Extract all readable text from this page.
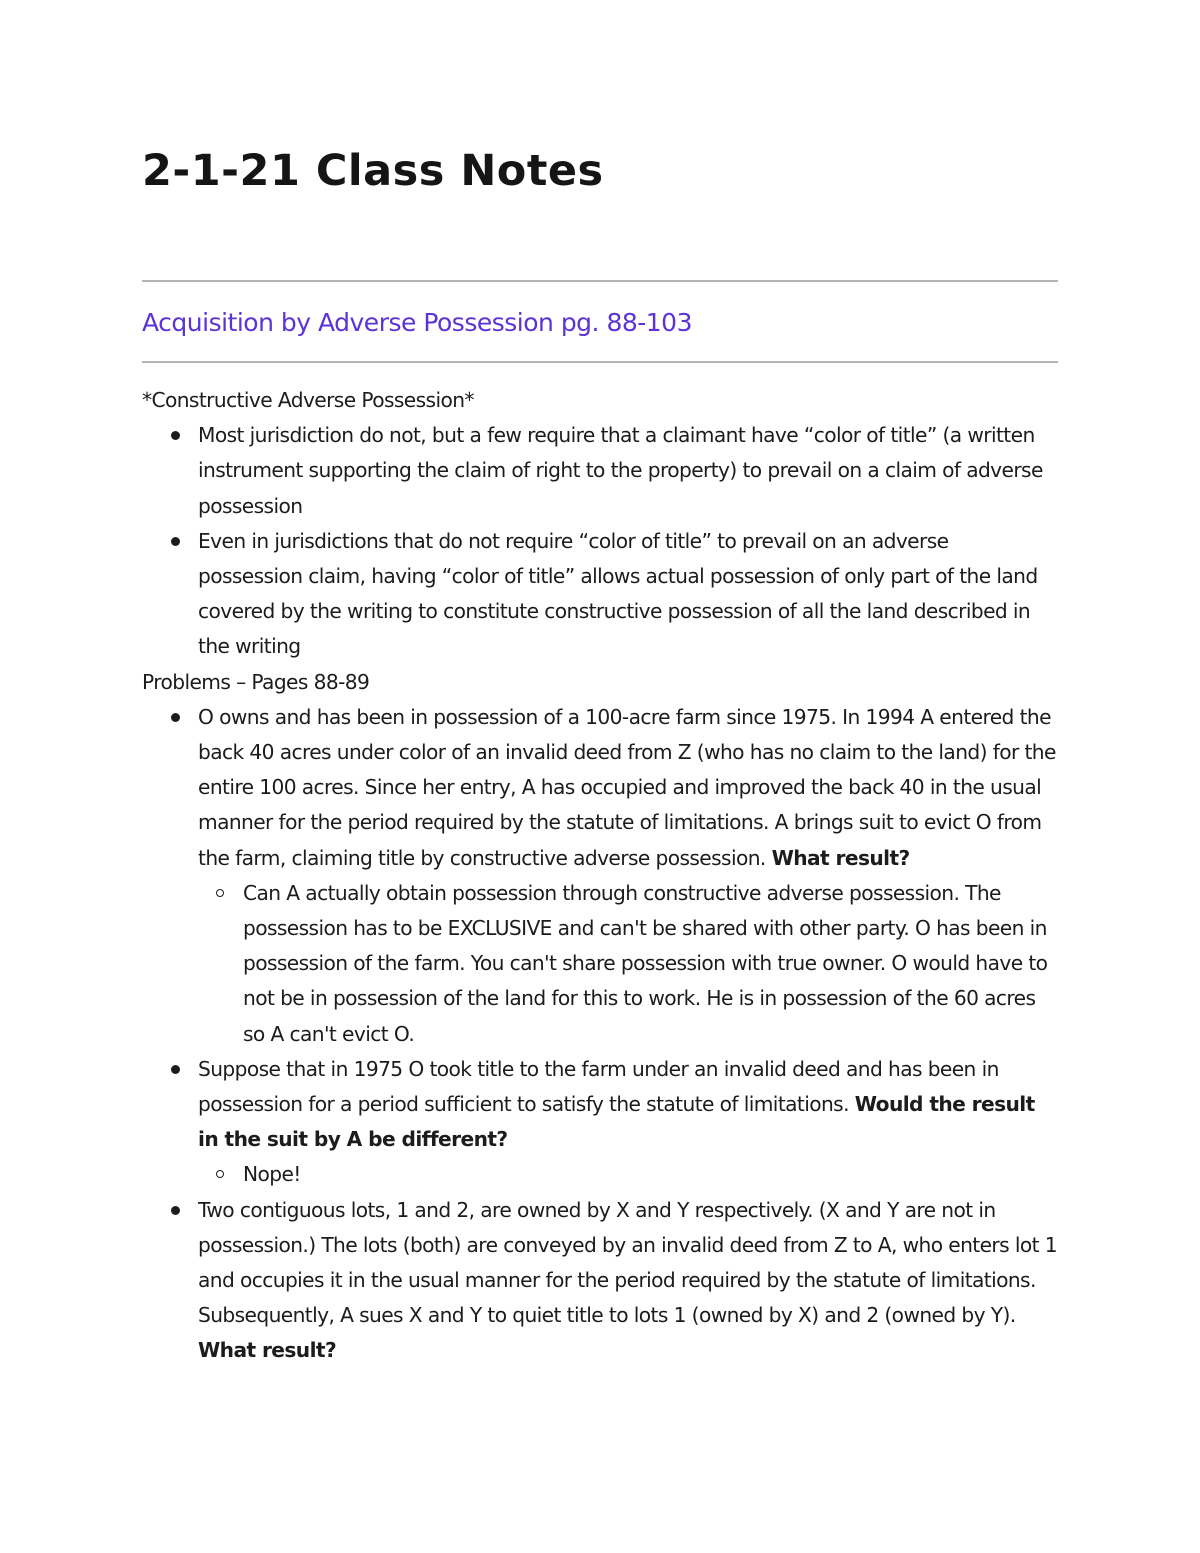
2-1-21 Class Notes
Acquisition by Adverse Possession pg. 88-103

*Constructive Adverse Possession*

Most jurisdiction do not, but a few require that a claimant have “color of title” (a written instrument supporting the claim of right to the property) to prevail on a claim of adverse possession
Even in jurisdictions that do not require “color of title” to prevail on an adverse possession claim, having “color of title” allows actual possession of only part of the land covered by the writing to constitute constructive possession of all the land described in the writing

Problems – Pages 88-89

O owns and has been in possession of a 100-acre farm since 1975. In 1994 A entered the back 40 acres under color of an invalid deed from Z (who has no claim to the land) for the entire 100 acres. Since her entry, A has occupied and improved the back 40 in the usual manner for the period required by the statute of limitations. A brings suit to evict O from the farm, claiming title by constructive adverse possession. What result?
Can A actually obtain possession through constructive adverse possession. The possession has to be EXCLUSIVE and can't be shared with other party. O has been in possession of the farm. You can't share possession with true owner. O would have to not be in possession of the land for this to work. He is in possession of the 60 acres so A can't evict O.
Suppose that in 1975 O took title to the farm under an invalid deed and has been in possession for a period sufficient to satisfy the statute of limitations. Would the result in the suit by A be different?
Nope!
Two contiguous lots, 1 and 2, are owned by X and Y respectively. (X and Y are not in possession.) The lots (both) are conveyed by an invalid deed from Z to A, who enters lot 1 and occupies it in the usual manner for the period required by the statute of limitations. Subsequently, A sues X and Y to quiet title to lots 1 (owned by X) and 2 (owned by Y). What result?
